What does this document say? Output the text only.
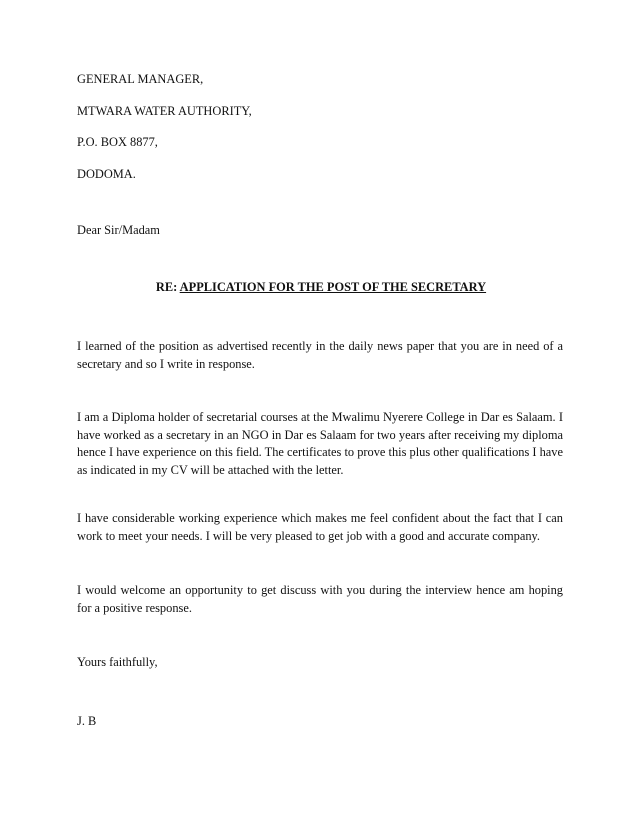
GENERAL MANAGER,

MTWARA WATER AUTHORITY,

P.O. BOX 8877,

DODOMA.

Dear Sir/Madam

RE: APPLICATION FOR THE POST OF THE SECRETARY

I learned of the position as advertised recently in the daily news paper that you are in need of a secretary and so I write in response.

I am a Diploma holder of secretarial courses at the Mwalimu Nyerere College in Dar es Salaam. I have worked as a secretary in an NGO in Dar es Salaam for two years after receiving my diploma hence I have experience on this field. The certificates to prove this plus other qualifications I have as indicated in my CV will be attached with the letter.

I have considerable working experience which makes me feel confident about the fact that I can work to meet your needs. I will be very pleased to get job with a good and accurate company.

I would welcome an opportunity to get discuss with you during the interview hence am hoping for a positive response.

Yours faithfully,

J. B
